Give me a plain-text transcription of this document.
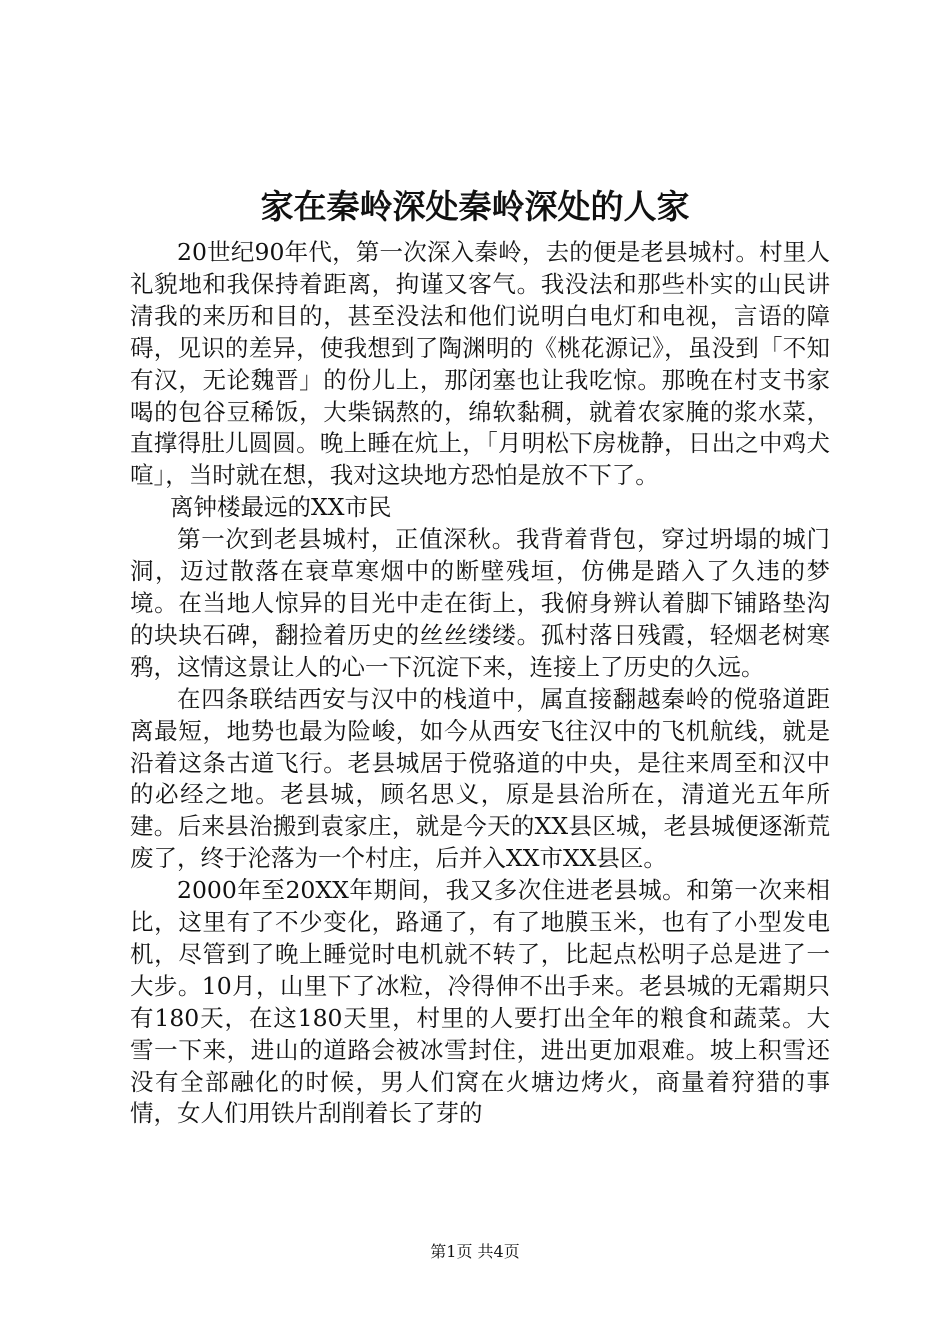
家在秦岭深处秦岭深处的人家

20世纪90年代，第一次深入秦岭，去的便是老县城村。村里人礼貌地和我保持着距离，拘谨又客气。我没法和那些朴实的山民讲清我的来历和目的，甚至没法和他们说明白电灯和电视，言语的障碍，见识的差异，使我想到了陶渊明的《桃花源记》，虽没到「不知有汉，无论魏晋」的份儿上，那闭塞也让我吃惊。那晚在村支书家喝的包谷豆稀饭，大柴锅熬的，绵软黏稠，就着农家腌的浆水菜，直撑得肚儿圆圆。晚上睡在炕上，「月明松下房栊静，日出之中鸡犬喧」，当时就在想，我对这块地方恐怕是放不下了。

离钟楼最远的XX市民

第一次到老县城村，正值深秋。我背着背包，穿过坍塌的城门洞，迈过散落在衰草寒烟中的断壁残垣，仿佛是踏入了久违的梦境。在当地人惊异的目光中走在街上，我俯身辨认着脚下铺路垫沟的块块石碑，翻捡着历史的丝丝缕缕。孤村落日残霞，轻烟老树寒鸦，这情这景让人的心一下沉淀下来，连接上了历史的久远。

在四条联结西安与汉中的栈道中，属直接翻越秦岭的傥骆道距离最短，地势也最为险峻，如今从西安飞往汉中的飞机航线，就是沿着这条古道飞行。老县城居于傥骆道的中央，是往来周至和汉中的必经之地。老县城，顾名思义，原是县治所在，清道光五年所建。后来县治搬到袁家庄，就是今天的XX县区城，老县城便逐渐荒废了，终于沦落为一个村庄，后并入XX市XX县区。

2000年至20XX年期间，我又多次住进老县城。和第一次来相比，这里有了不少变化，路通了，有了地膜玉米，也有了小型发电机，尽管到了晚上睡觉时电机就不转了，比起点松明子总是进了一大步。10月，山里下了冰粒，冷得伸不出手来。老县城的无霜期只有180天，在这180天里，村里的人要打出全年的粮食和蔬菜。大雪一下来，进山的道路会被冰雪封住，进出更加艰难。坡上积雪还没有全部融化的时候，男人们窝在火塘边烤火，商量着狩猎的事情，女人们用铁片刮削着长了芽的

第1页 共4页
